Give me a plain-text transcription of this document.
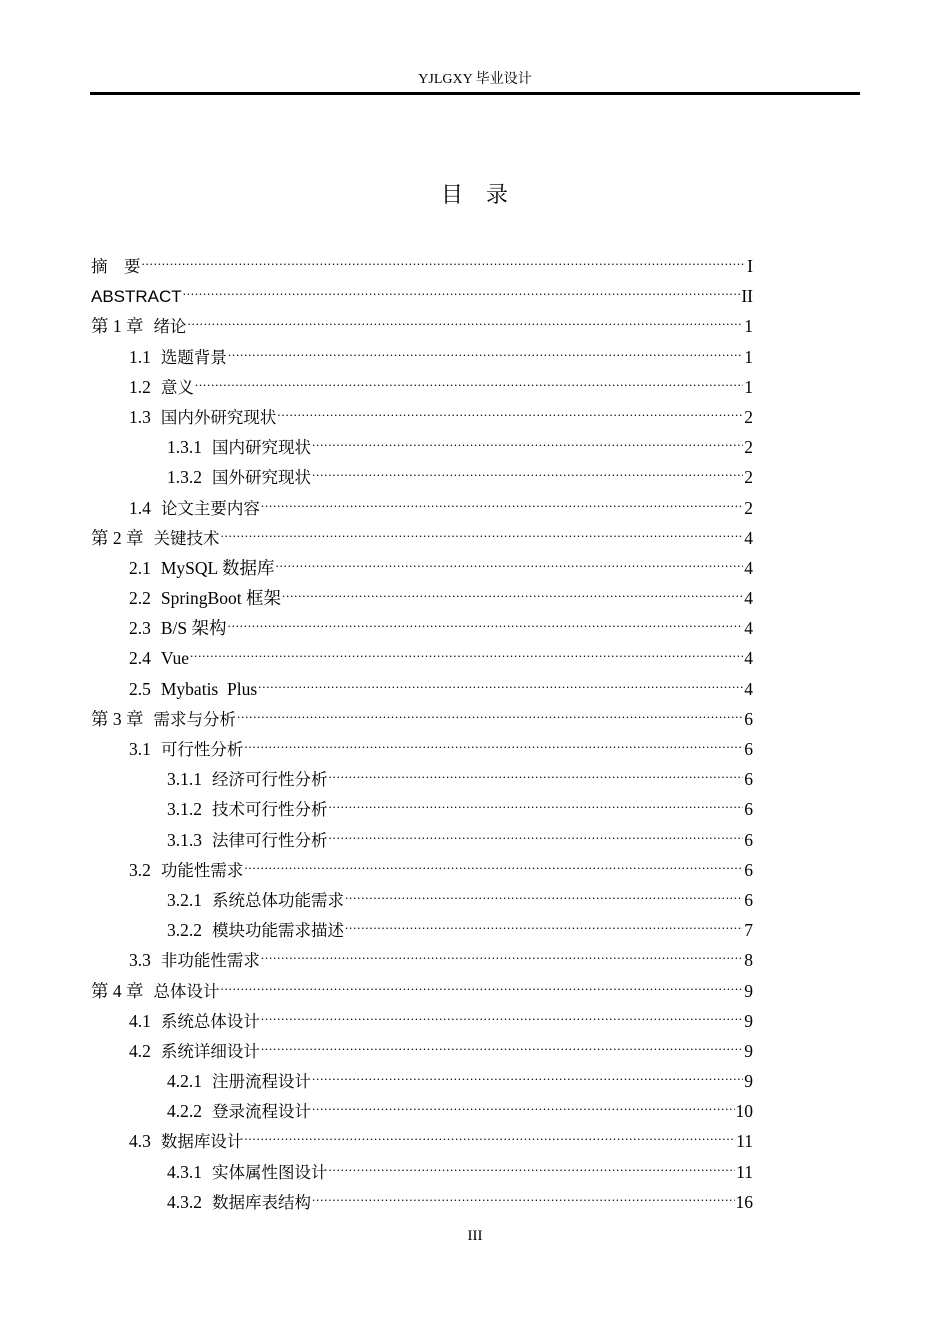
YJLGXY 毕业设计
目 录
摘　要 .....	I
ABSTRACT .....	II
第 1 章 绪论 .....	1
1.1 选题背景 .....	1
1.2 意义 .....	1
1.3 国内外研究现状 .....	2
1.3.1 国内研究现状 .....	2
1.3.2 国外研究现状 .....	2
1.4 论文主要内容 .....	2
第 2 章 关键技术 .....	4
2.1 MySQL 数据库 .....	4
2.2 SpringBoot 框架 .....	4
2.3 B/S 架构 .....	4
2.4 Vue .....	4
2.5 Mybatis  Plus .....	4
第 3 章 需求与分析 .....	6
3.1 可行性分析 .....	6
3.1.1 经济可行性分析 .....	6
3.1.2 技术可行性分析 .....	6
3.1.3 法律可行性分析 .....	6
3.2 功能性需求 .....	6
3.2.1 系统总体功能需求 .....	6
3.2.2 模块功能需求描述 .....	7
3.3 非功能性需求 .....	8
第 4 章 总体设计 .....	9
4.1 系统总体设计 .....	9
4.2 系统详细设计 .....	9
4.2.1 注册流程设计 .....	9
4.2.2 登录流程设计 .....	10
4.3 数据库设计 .....	11
4.3.1 实体属性图设计 .....	11
4.3.2 数据库表结构 .....	16
III
